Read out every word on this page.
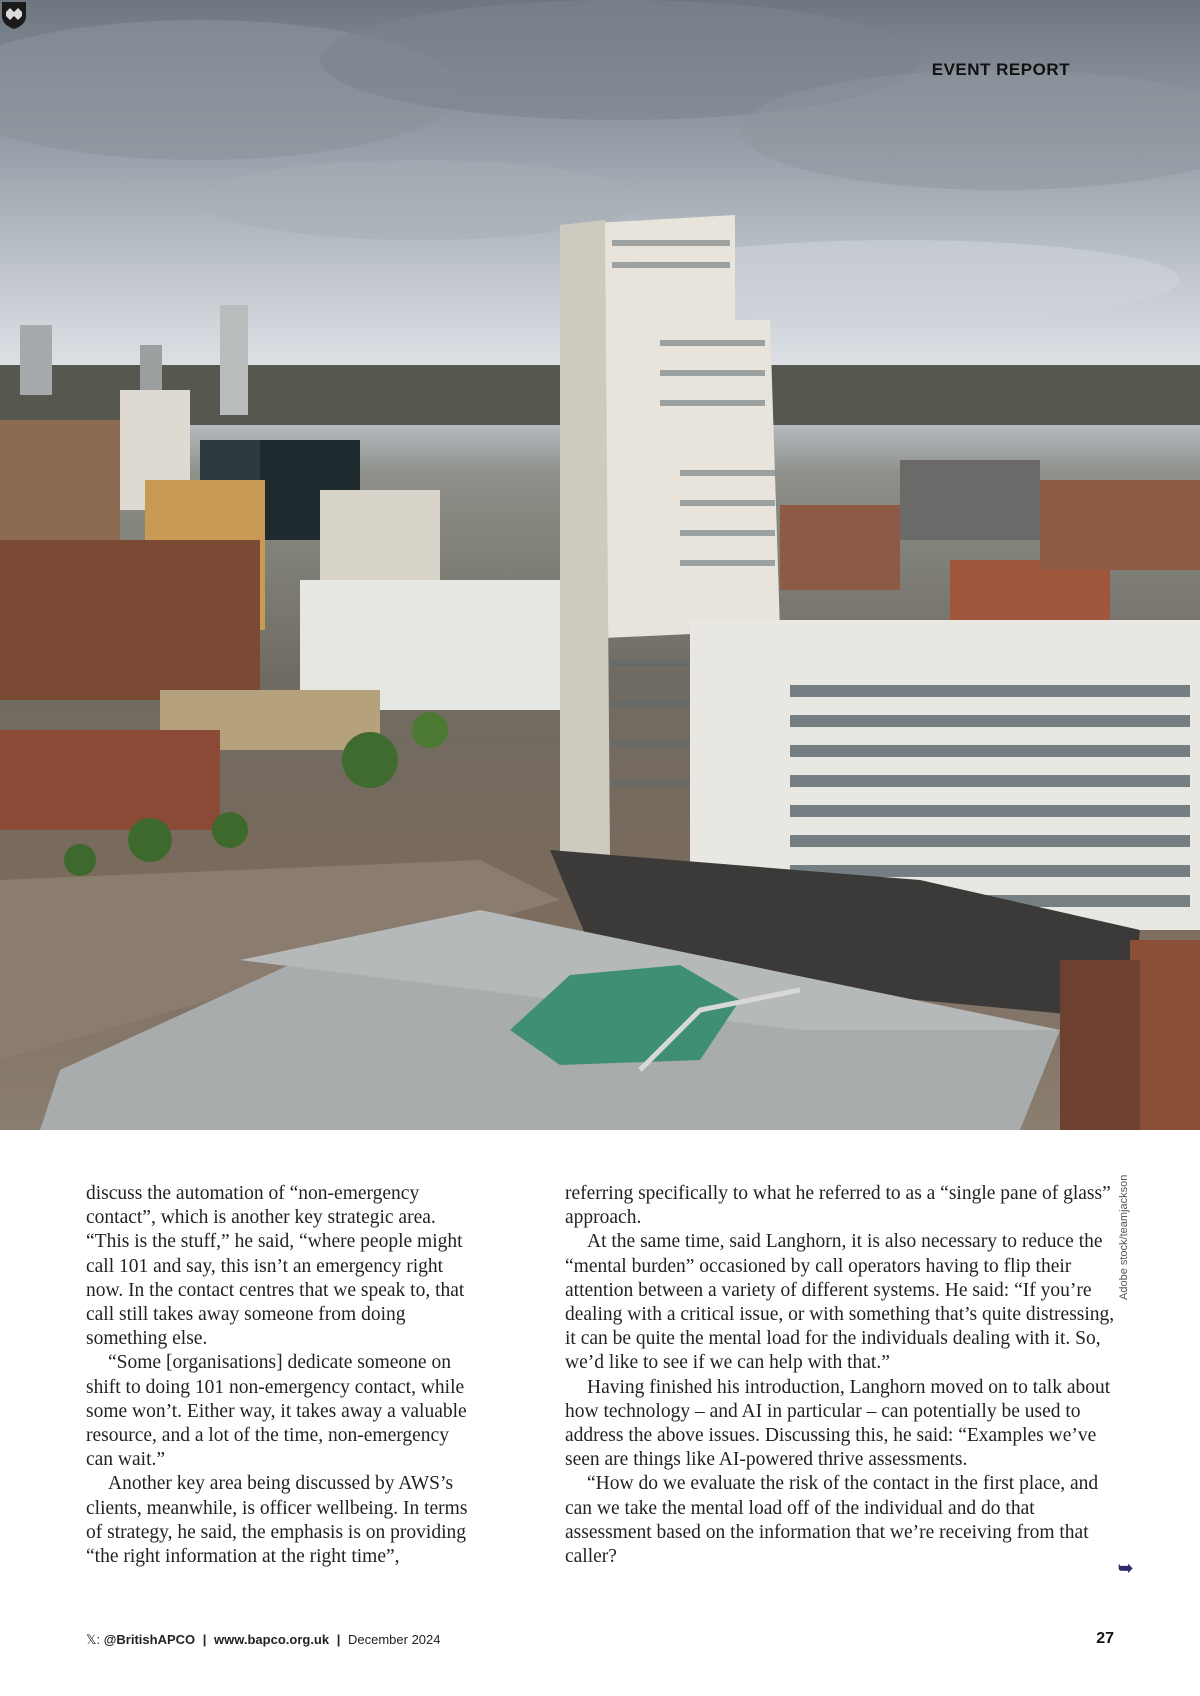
EVENT REPORT
Adobe stock/teamjackson

discuss the automation of “non-emergency contact”, which is another key strategic area. “This is the stuff,” he said, “where people might call 101 and say, this isn’t an emergency right now. In the contact centres that we speak to, that call still takes away someone from doing something else.

“Some [organisations] dedicate someone on shift to doing 101 non-emergency contact, while some won’t. Either way, it takes away a valuable resource, and a lot of the time, non-emergency can wait.”

Another key area being discussed by AWS’s clients, meanwhile, is officer wellbeing. In terms of strategy, he said, the emphasis is on providing “the right information at the right time”,

referring specifically to what he referred to as a “single pane of glass” approach.

At the same time, said Langhorn, it is also necessary to reduce the “mental burden” occasioned by call operators having to flip their attention between a variety of different systems. He said: “If you’re dealing with a critical issue, or with something that’s quite distressing, it can be quite the mental load for the individuals dealing with it. So, we’d like to see if we can help with that.”

Having finished his introduction, Langhorn moved on to talk about how technology – and AI in particular – can potentially be used to address the above issues. Discussing this, he said: “Examples we’ve seen are things like AI-powered thrive assessments.

“How do we evaluate the risk of the contact in the first place, and can we take the mental load off of the individual and do that assessment based on the information that we’re receiving from that caller?

➥
𝕏: @BritishAPCO | www.bapco.org.uk | December 2024	27
